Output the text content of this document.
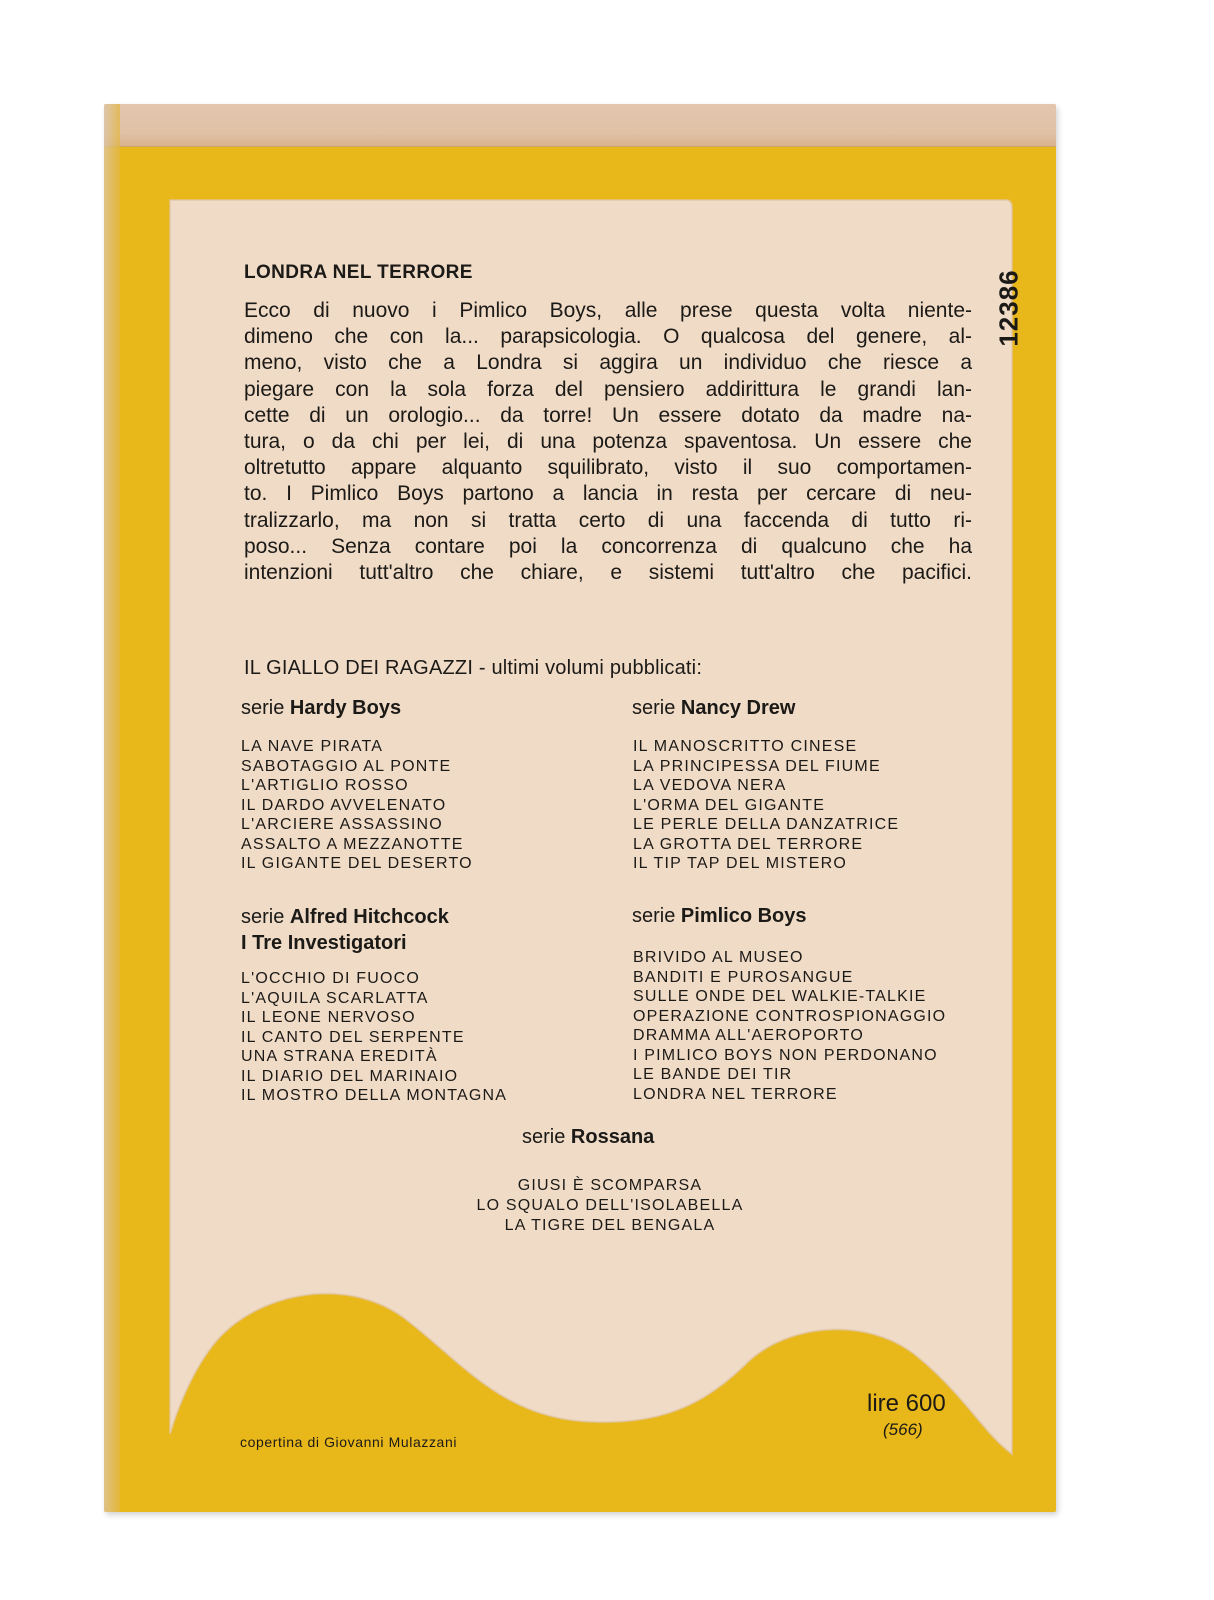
LONDRA NEL TERRORE	12386
Ecco di nuovo i Pimlico Boys, alle prese questa volta niente-
dimeno che con la... parapsicologia. O qualcosa del genere, al-
meno, visto che a Londra si aggira un individuo che riesce a
piegare con la sola forza del pensiero addirittura le grandi lan-
cette di un orologio... da torre! Un essere dotato da madre na-
tura, o da chi per lei, di una potenza spaventosa. Un essere che
oltretutto appare alquanto squilibrato, visto il suo comportamen-
to. I Pimlico Boys partono a lancia in resta per cercare di neu-
tralizzarlo, ma non si tratta certo di una faccenda di tutto ri-
poso... Senza contare poi la concorrenza di qualcuno che ha
intenzioni tutt'altro che chiare, e sistemi tutt'altro che pacifici.
IL GIALLO DEI RAGAZZI - ultimi volumi pubblicati:
serie Hardy Boys
LA NAVE PIRATA
SABOTAGGIO AL PONTE
L'ARTIGLIO ROSSO
IL DARDO AVVELENATO
L'ARCIERE ASSASSINO
ASSALTO A MEZZANOTTE
IL GIGANTE DEL DESERTO
serie Nancy Drew
IL MANOSCRITTO CINESE
LA PRINCIPESSA DEL FIUME
LA VEDOVA NERA
L'ORMA DEL GIGANTE
LE PERLE DELLA DANZATRICE
LA GROTTA DEL TERRORE
IL TIP TAP DEL MISTERO
serie Alfred Hitchcock
I Tre Investigatori
L'OCCHIO DI FUOCO
L'AQUILA SCARLATTA
IL LEONE NERVOSO
IL CANTO DEL SERPENTE
UNA STRANA EREDITÀ
IL DIARIO DEL MARINAIO
IL MOSTRO DELLA MONTAGNA
serie Pimlico Boys
BRIVIDO AL MUSEO
BANDITI E PUROSANGUE
SULLE ONDE DEL WALKIE-TALKIE
OPERAZIONE CONTROSPIONAGGIO
DRAMMA ALL'AEROPORTO
I PIMLICO BOYS NON PERDONANO
LE BANDE DEI TIR
LONDRA NEL TERRORE
serie Rossana
GIUSI È SCOMPARSA
LO SQUALO DELL'ISOLABELLA
LA TIGRE DEL BENGALA
lire 600
(566)
copertina di Giovanni Mulazzani
